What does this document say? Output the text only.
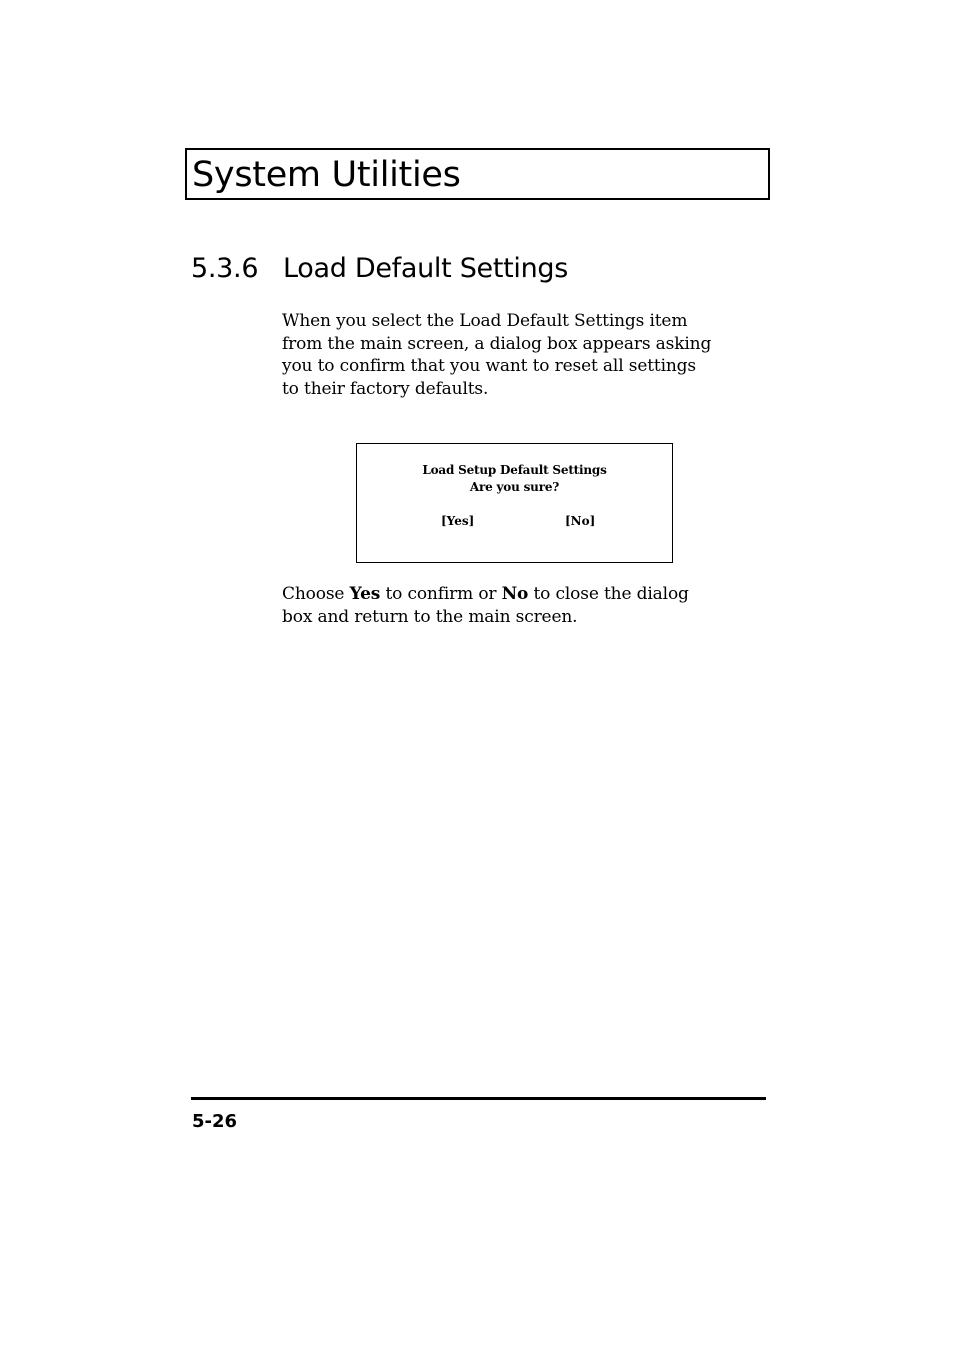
System Utilities
5.3.6 Load Default Settings

When you select the Load Default Settings item
from the main screen, a dialog box appears asking
you to confirm that you want to reset all settings
to their factory defaults.

Load Setup Default Settings
Are you sure?
[Yes]	[No]

Choose Yes to confirm or No to close the dialog
box and return to the main screen.

5-26
